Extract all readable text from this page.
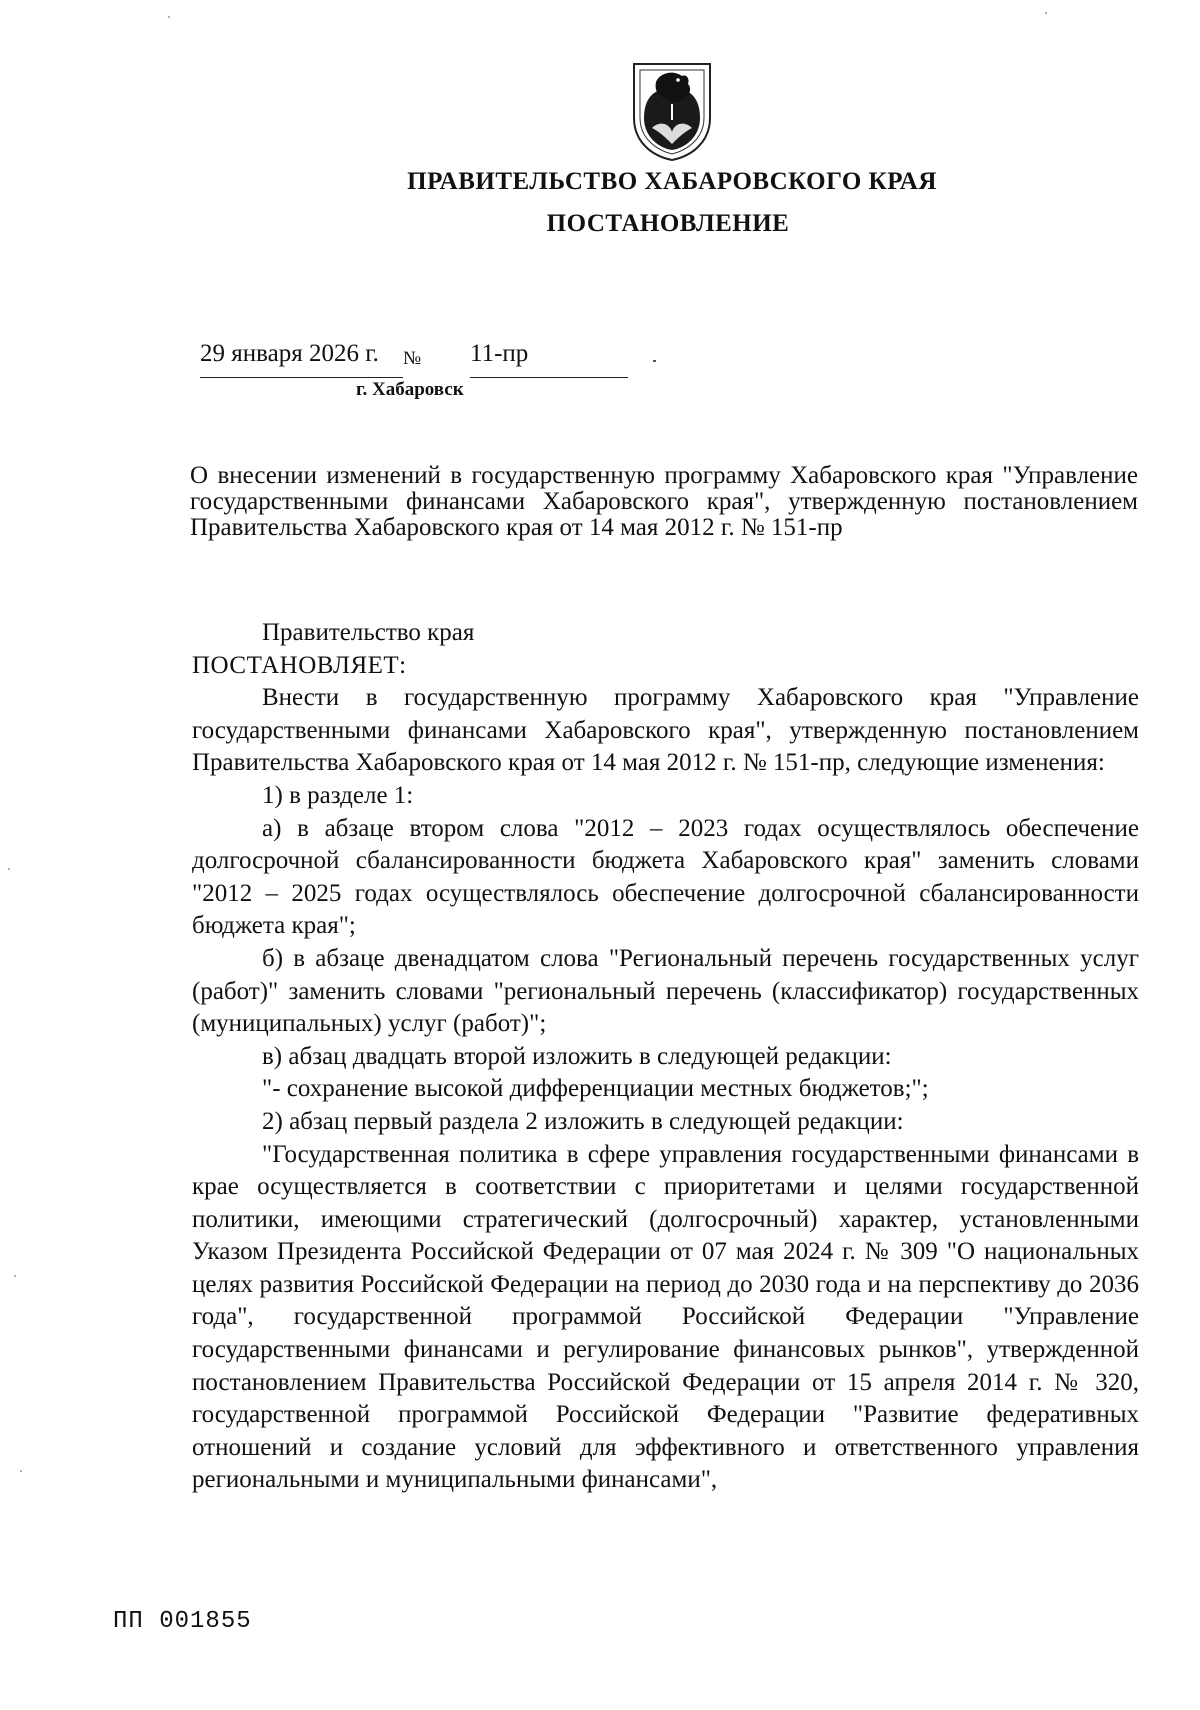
ПРАВИТЕЛЬСТВО ХАБАРОВСКОГО КРАЯ
ПОСТАНОВЛЕНИЕ
29 января 2026 г. № 11-пр
г. Хабаровск
О внесении изменений в государственную программу Хабаровского края "Управление государственными финансами Хабаровского края", утвержденную постановлением Правительства Хабаровского края от 14 мая 2012 г. № 151-пр

Правительство края

ПОСТАНОВЛЯЕТ:

Внести в государственную программу Хабаровского края "Управление государственными финансами Хабаровского края", утвержденную постановлением Правительства Хабаровского края от 14 мая 2012 г. № 151-пр, следующие изменения:

1) в разделе 1:

а) в абзаце втором слова "2012 – 2023 годах осуществлялось обеспечение долгосрочной сбалансированности бюджета Хабаровского края" заменить словами "2012 – 2025 годах осуществлялось обеспечение долгосрочной сбалансированности бюджета края";

б) в абзаце двенадцатом слова "Региональный перечень государственных услуг (работ)" заменить словами "региональный перечень (классификатор) государственных (муниципальных) услуг (работ)";

в) абзац двадцать второй изложить в следующей редакции:

"- сохранение высокой дифференциации местных бюджетов;";

2) абзац первый раздела 2 изложить в следующей редакции:

"Государственная политика в сфере управления государственными финансами в крае осуществляется в соответствии с приоритетами и целями государственной политики, имеющими стратегический (долгосрочный) характер, установленными Указом Президента Российской Федерации от 07 мая 2024 г. № 309 "О национальных целях развития Российской Федерации на период до 2030 года и на перспективу до 2036 года", государственной программой Российской Федерации "Управление государственными финансами и регулирование финансовых рынков", утвержденной постановлением Правительства Российской Федерации от 15 апреля 2014 г. № 320, государственной программой Российской Федерации "Развитие федеративных отношений и создание условий для эффективного и ответственного управления региональными и муниципальными финансами",

ПП 001855
